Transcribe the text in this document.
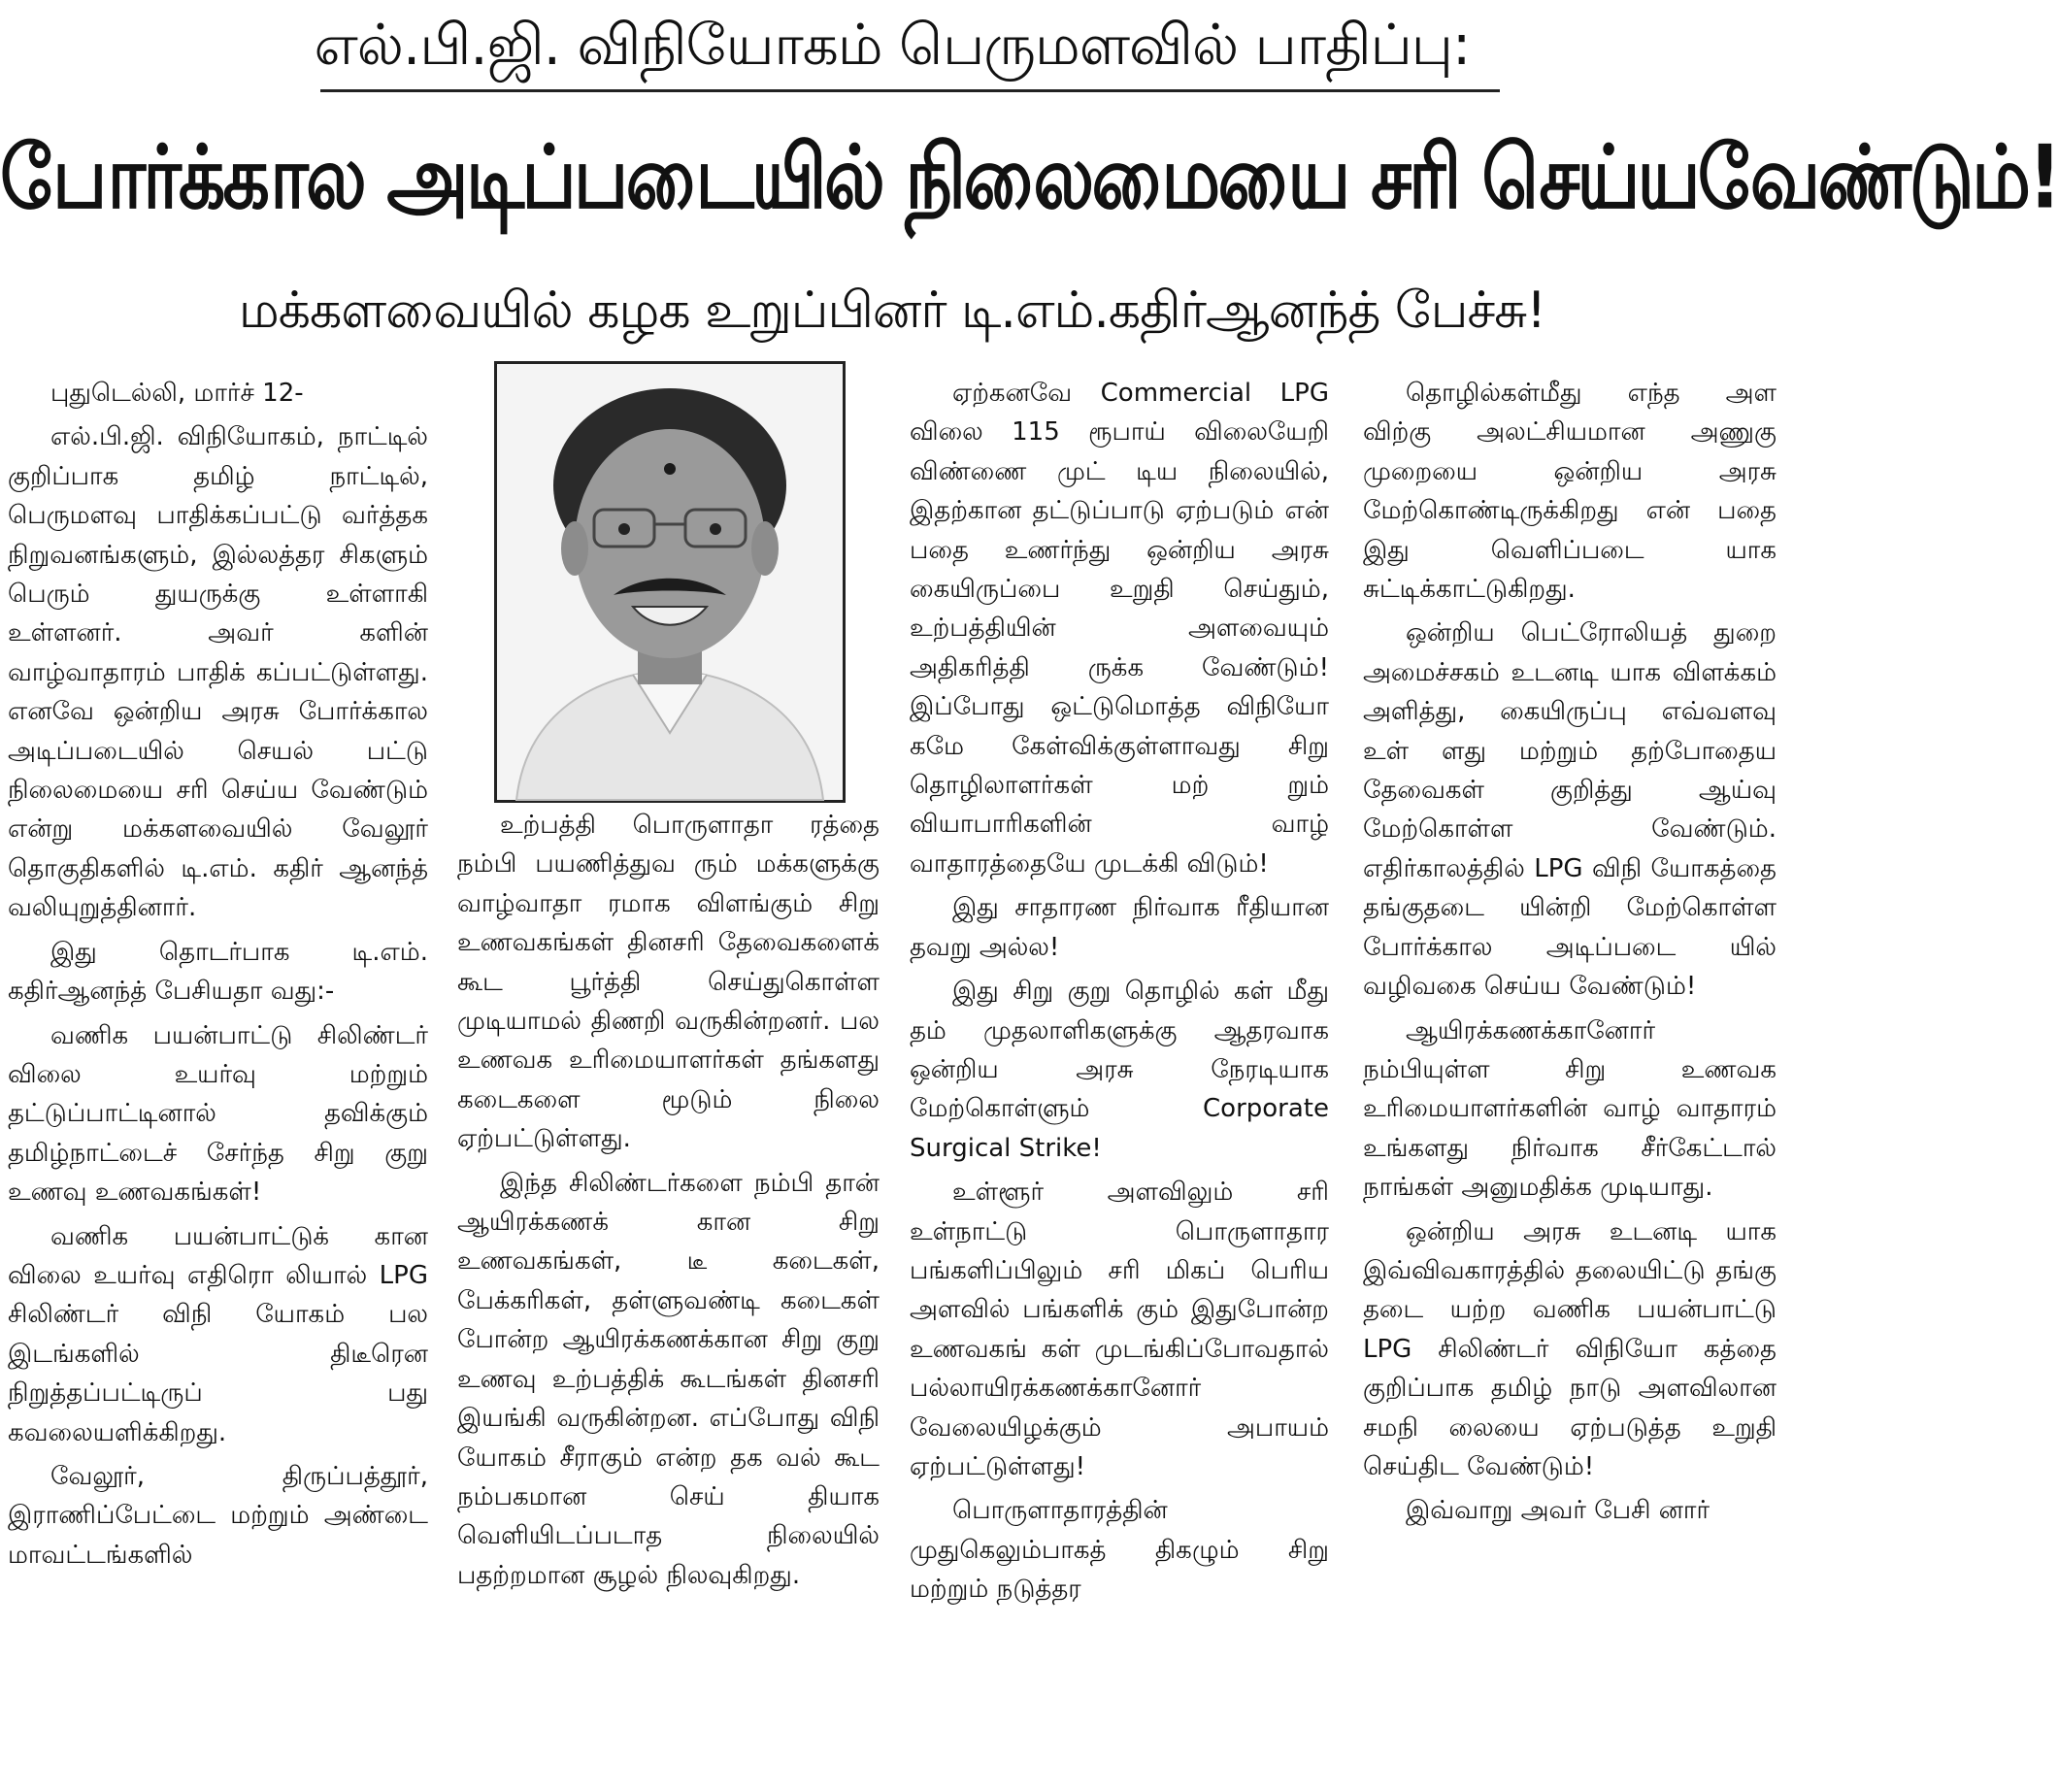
எல்.பி.ஜி. விநியோகம் பெருமளவில் பாதிப்பு:
போர்க்கால அடிப்படையில் நிலைமையை சரி செய்யவேண்டும்!
மக்களவையில் கழக உறுப்பினர் டி.எம்.கதிர்ஆனந்த் பேச்சு!

புதுடெல்லி, மார்ச் 12-

எல்.பி.ஜி. விநியோகம், நாட்டில் குறிப்பாக தமிழ் நாட்டில், பெருமளவு பாதிக்கப்பட்டு வர்த்தக நிறுவனங்களும், இல்லத்தர சிகளும் பெரும் துயருக்கு உள்ளாகி உள்ளனர். அவர் களின் வாழ்வாதாரம் பாதிக் கப்பட்டுள்ளது. எனவே ஒன்றிய அரசு போர்க்கால அடிப்படையில் செயல் பட்டு நிலைமையை சரி செய்ய வேண்டும் என்று மக்களவையில் வேலூர் தொகுதிகளில் டி.எம். கதிர் ஆனந்த் வலியுறுத்தினார்.

இது தொடர்பாக டி.எம். கதிர்ஆனந்த் பேசியதா வது:-

வணிக பயன்பாட்டு சிலிண்டர் விலை உயர்வு மற்றும் தட்டுப்பாட்டினால் தவிக்கும் தமிழ்நாட்டைச் சேர்ந்த சிறு குறு உணவு உணவகங்கள்!

வணிக பயன்பாட்டுக் கான விலை உயர்வு எதிரொ லியால் LPG சிலிண்டர் விநி யோகம் பல இடங்களில் திடீரென நிறுத்தப்பட்டிருப் பது கவலையளிக்கிறது.

வேலூர், திருப்பத்தூர், இராணிப்பேட்டை மற்றும் அண்டை மாவட்டங்களில்

உற்பத்தி பொருளாதா ரத்தை நம்பி பயணித்துவ ரும் மக்களுக்கு வாழ்வாதா ரமாக விளங்கும் சிறு உணவகங்கள் தினசரி தேவைகளைக் கூட பூர்த்தி செய்துகொள்ள முடியாமல் திணறி வருகின்றனர். பல உணவக உரிமையாளர்கள் தங்களது கடைகளை மூடும் நிலை ஏற்பட்டுள்ளது.

இந்த சிலிண்டர்களை நம்பி தான் ஆயிரக்கணக் கான சிறு உணவகங்கள், டீ கடைகள், பேக்கரிகள், தள்ளுவண்டி கடைகள் போன்ற ஆயிரக்கணக்கான சிறு குறு உணவு உற்பத்திக் கூடங்கள் தினசரி இயங்கி வருகின்றன. எப்போது விநி யோகம் சீராகும் என்ற தக வல் கூட நம்பகமான செய் தியாக வெளியிடப்படாத நிலையில் பதற்றமான சூழல் நிலவுகிறது.

ஏற்கனவே Commercial LPG விலை 115 ரூபாய் விலையேறி விண்ணை முட் டிய நிலையில், இதற்கான தட்டுப்பாடு ஏற்படும் என் பதை உணர்ந்து ஒன்றிய அரசு கையிருப்பை உறுதி செய்தும், உற்பத்தியின் அளவையும் அதிகரித்தி ருக்க வேண்டும்! இப்போது ஒட்டுமொத்த விநியோ கமே கேள்விக்குள்ளாவது சிறு தொழிலாளர்கள் மற் றும் வியாபாரிகளின் வாழ் வாதாரத்தையே முடக்கி விடும்!

இது சாதாரண நிர்வாக ரீதியான தவறு அல்ல!

இது சிறு குறு தொழில் கள் மீது தம் முதலாளிகளுக்கு ஆதரவாக ஒன்றிய அரசு நேரடியாக மேற்கொள்ளும் Corporate Surgical Strike!

உள்ளூர் அளவிலும் சரி உள்நாட்டு பொருளாதார பங்களிப்பிலும் சரி மிகப் பெரிய அளவில் பங்களிக் கும் இதுபோன்ற உணவகங் கள் முடங்கிப்போவதால் பல்லாயிரக்கணக்கானோர் வேலையிழக்கும் அபாயம் ஏற்பட்டுள்ளது!

பொருளாதாரத்தின் முதுகெலும்பாகத் திகழும் சிறு மற்றும் நடுத்தர

தொழில்கள்மீது எந்த அள விற்கு அலட்சியமான அணுகு முறையை ஒன்றிய அரசு மேற்கொண்டிருக்கிறது என் பதை இது வெளிப்படை யாக சுட்டிக்காட்டுகிறது.

ஒன்றிய பெட்ரோலியத் துறை அமைச்சகம் உடனடி யாக விளக்கம் அளித்து, கையிருப்பு எவ்வளவு உள் ளது மற்றும் தற்போதைய தேவைகள் குறித்து ஆய்வு மேற்கொள்ள வேண்டும். எதிர்காலத்தில் LPG விநி யோகத்தை தங்குதடை யின்றி மேற்கொள்ள போர்க்கால அடிப்படை யில் வழிவகை செய்ய வேண்டும்!

ஆயிரக்கணக்கானோர் நம்பியுள்ள சிறு உணவக உரிமையாளர்களின் வாழ் வாதாரம் உங்களது நிர்வாக சீர்கேட்டால் நாங்கள் அனுமதிக்க முடியாது.

ஒன்றிய அரசு உடனடி யாக இவ்விவகாரத்தில் தலையிட்டு தங்கு தடை யற்ற வணிக பயன்பாட்டு LPG சிலிண்டர் விநியோ கத்தை குறிப்பாக தமிழ் நாடு அளவிலான சமநி லையை ஏற்படுத்த உறுதி செய்திட வேண்டும்!

இவ்வாறு அவர் பேசி னார்
